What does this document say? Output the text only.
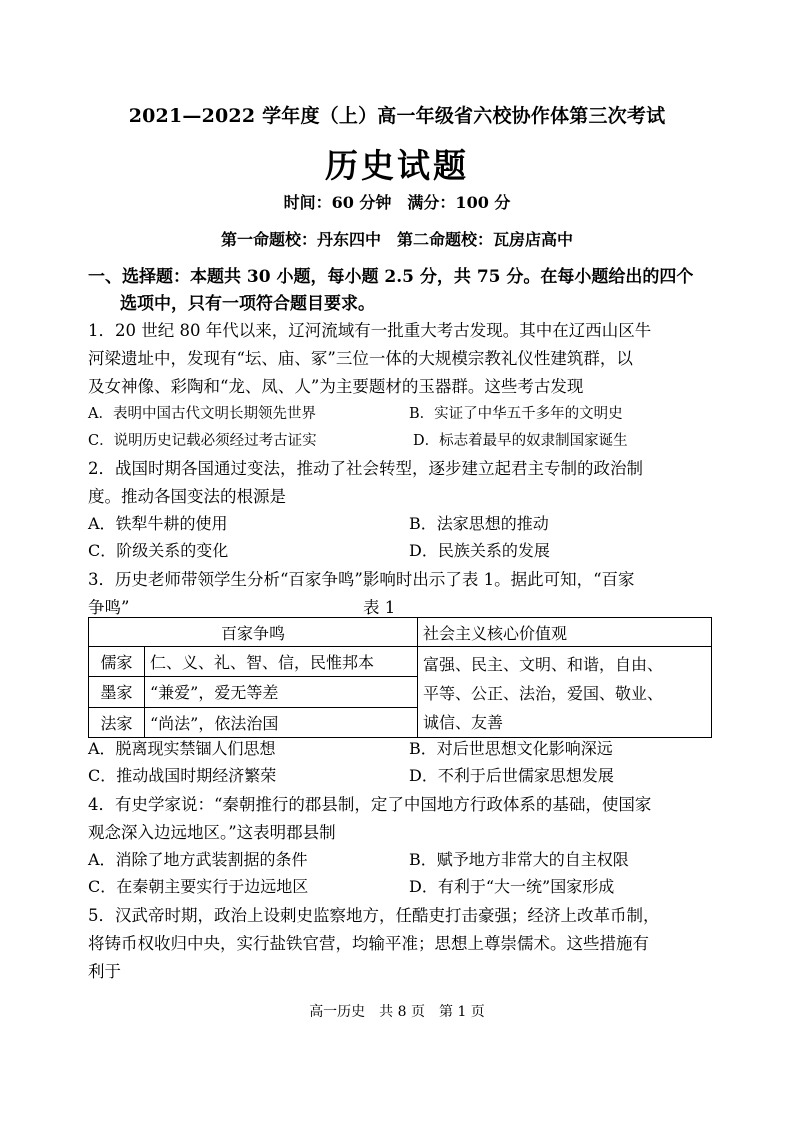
2021—2022 学年度（上）高一年级省六校协作体第三次考试
历史试题
时间：60 分钟　满分：100 分
第一命题校：丹东四中　第二命题校：瓦房店高中
一、选择题：本题共 30 小题，每小题 2.5 分，共 75 分。在每小题给出的四个
选项中，只有一项符合题目要求。
1．20 世纪 80 年代以来，辽河流域有一批重大考古发现。其中在辽西山区牛
河梁遗址中，发现有“坛、庙、冢”三位一体的大规模宗教礼仪性建筑群，以
及女神像、彩陶和“龙、凤、人”为主要题材的玉器群。这些考古发现
A．表明中国古代文明长期领先世界	B．实证了中华五千多年的文明史
C．说明历史记载必须经过考古证实	D．标志着最早的奴隶制国家诞生
2．战国时期各国通过变法，推动了社会转型，逐步建立起君主专制的政治制
度。推动各国变法的根源是
A．铁犁牛耕的使用	B．法家思想的推动
C．阶级关系的变化	D．民族关系的发展
3．历史老师带领学生分析“百家争鸣”影响时出示了表 1。据此可知，“百家
争鸣”	表 1
百家争鸣		社会主义核心价值观
儒家	仁、义、礼、智、信，民惟邦本	富强、民主、文明、和谐，自由、
平等、公正、法治，爱国、敬业、
诚信、友善

墨家	“兼爱”，爱无等差	
法家	“尚法”，依法治国	
A．脱离现实禁锢人们思想	B．对后世思想文化影响深远
C．推动战国时期经济繁荣	D．不利于后世儒家思想发展
4．有史学家说：“秦朝推行的郡县制，定了中国地方行政体系的基础，使国家
观念深入边远地区。”这表明郡县制
A．消除了地方武装割据的条件	B．赋予地方非常大的自主权限
C．在秦朝主要实行于边远地区	D．有利于“大一统”国家形成
5．汉武帝时期，政治上设刺史监察地方，任酷吏打击豪强；经济上改革币制，
将铸币权收归中央，实行盐铁官营，均输平准；思想上尊崇儒术。这些措施有
利于
高一历史　共 8 页　第 1 页
